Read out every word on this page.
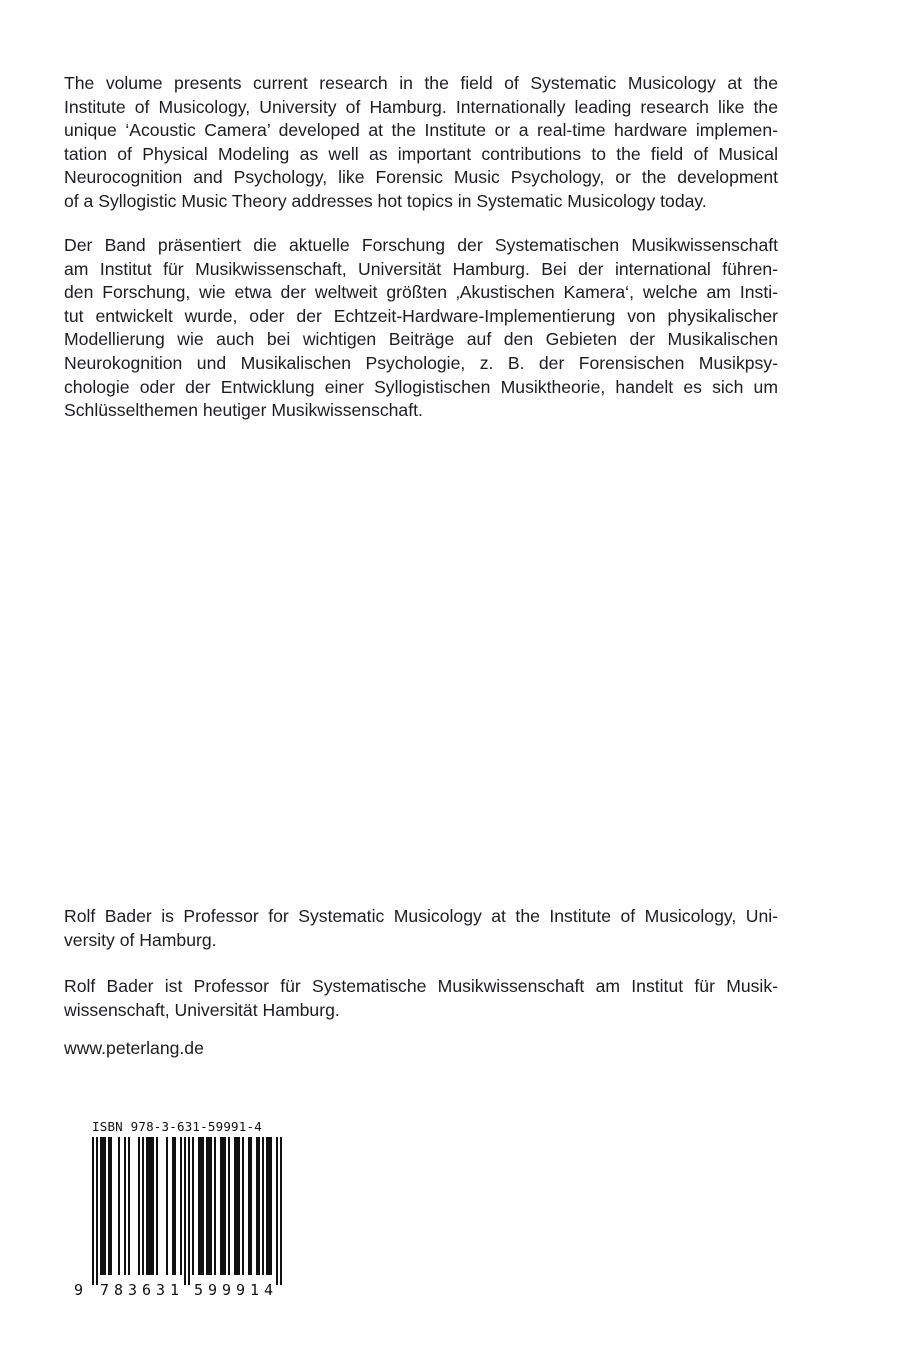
The volume presents current research in the field of Systematic Musicology at the
Institute of Musicology, University of Hamburg. Internationally leading research like the
unique ‘Acoustic Camera’ developed at the Institute or a real-time hardware implemen-
tation of Physical Modeling as well as important contributions to the field of Musical
Neurocognition and Psychology, like Forensic Music Psychology, or the development
of a Syllogistic Music Theory addresses hot topics in Systematic Musicology today.

Der Band präsentiert die aktuelle Forschung der Systematischen Musikwissenschaft
am Institut für Musikwissenschaft, Universität Hamburg. Bei der international führen-
den Forschung, wie etwa der weltweit größten ‚Akustischen Kamera‘, welche am Insti-
tut entwickelt wurde, oder der Echtzeit-Hardware-Implementierung von physikalischer
Modellierung wie auch bei wichtigen Beiträge auf den Gebieten der Musikalischen
Neurokognition und Musikalischen Psychologie, z. B. der Forensischen Musikpsy-
chologie oder der Entwicklung einer Syllogistischen Musiktheorie, handelt es sich um
Schlüsselthemen heutiger Musikwissenschaft.

Rolf Bader is Professor for Systematic Musicology at the Institute of Musicology, Uni-
versity of Hamburg.

Rolf Bader ist Professor für Systematische Musikwissenschaft am Institut für Musik-
wissenschaft, Universität Hamburg.

www.peterlang.de

ISBN 978-3-631-59991-4
9 7 8 3 6 3 1 5 9 9 9 1 4
